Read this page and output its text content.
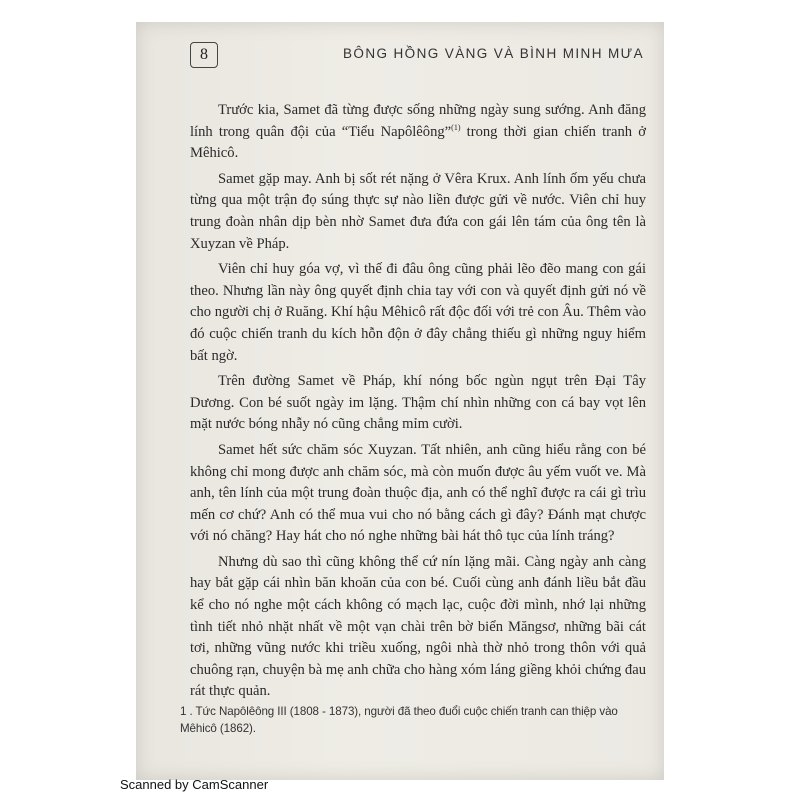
8	BÔNG HỒNG VÀNG VÀ BÌNH MINH MƯA

Trước kia, Samet đã từng được sống những ngày sung sướng. Anh đăng lính trong quân đội của “Tiểu Napôlêông”$^{(1)}$ trong thời gian chiến tranh ở Mêhicô.

Samet gặp may. Anh bị sốt rét nặng ở Vêra Krux. Anh lính ốm yếu chưa từng qua một trận đọ súng thực sự nào liền được gửi về nước. Viên chỉ huy trung đoàn nhân dịp bèn nhờ Samet đưa đứa con gái lên tám của ông tên là Xuyzan về Pháp.

Viên chỉ huy góa vợ, vì thế đi đâu ông cũng phải lẽo đẽo mang con gái theo. Nhưng lần này ông quyết định chia tay với con và quyết định gửi nó về cho người chị ở Ruăng. Khí hậu Mêhicô rất độc đối với trẻ con Âu. Thêm vào đó cuộc chiến tranh du kích hỗn độn ở đây chẳng thiếu gì những nguy hiểm bất ngờ.

Trên đường Samet về Pháp, khí nóng bốc ngùn ngụt trên Đại Tây Dương. Con bé suốt ngày im lặng. Thậm chí nhìn những con cá bay vọt lên mặt nước bóng nhẫy nó cũng chẳng mỉm cười.

Samet hết sức chăm sóc Xuyzan. Tất nhiên, anh cũng hiểu rằng con bé không chỉ mong được anh chăm sóc, mà còn muốn được âu yếm vuốt ve. Mà anh, tên lính của một trung đoàn thuộc địa, anh có thể nghĩ được ra cái gì trìu mến cơ chứ? Anh có thể mua vui cho nó bằng cách gì đây? Đánh mạt chược với nó chăng? Hay hát cho nó nghe những bài hát thô tục của lính tráng?

Nhưng dù sao thì cũng không thể cứ nín lặng mãi. Càng ngày anh càng hay bắt gặp cái nhìn băn khoăn của con bé. Cuối cùng anh đánh liều bắt đầu kể cho nó nghe một cách không có mạch lạc, cuộc đời mình, nhớ lại những tình tiết nhỏ nhặt nhất về một vạn chài trên bờ biển Măngsơ, những bãi cát tơi, những vũng nước khi triều xuống, ngôi nhà thờ nhỏ trong thôn với quả chuông rạn, chuyện bà mẹ anh chữa cho hàng xóm láng giềng khỏi chứng đau rát thực quản.

1 . Tức Napôlêông III (1808 - 1873), người đã theo đuổi cuộc chiến tranh can thiệp vào Mêhicô (1862).
Scanned by CamScanner
